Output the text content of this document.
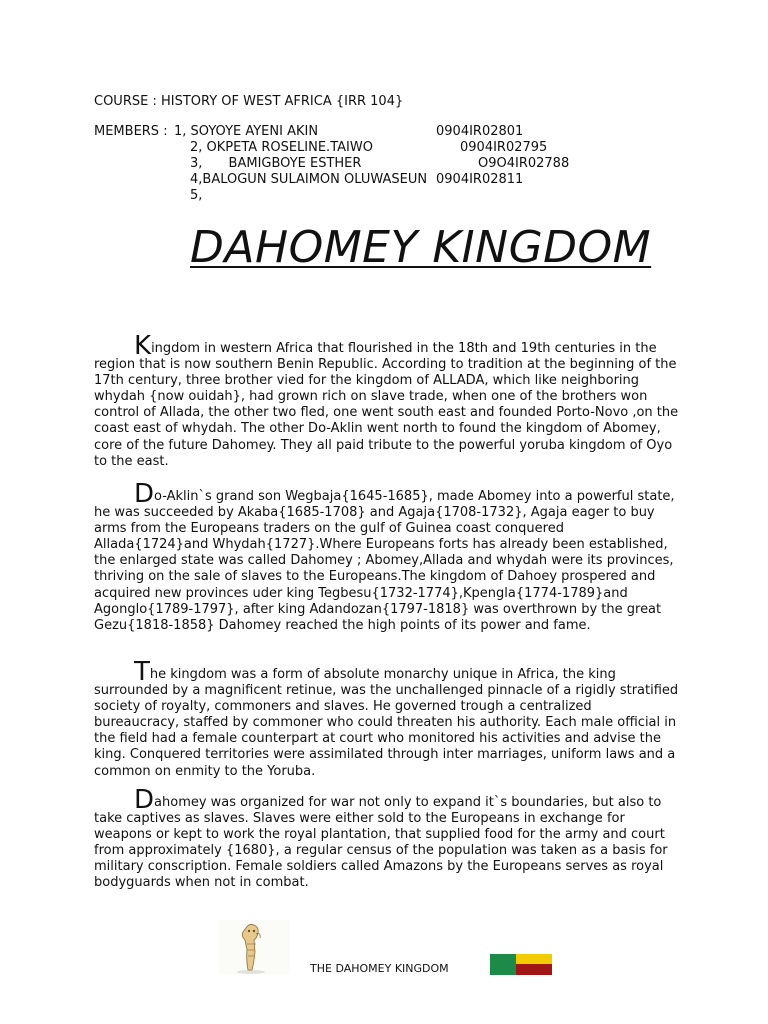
COURSE : HISTORY OF WEST AFRICA {IRR 104}
MEMBERS : 1, SOYOYE AYENI AKIN	0904IR02801
2, OKPETA ROSELINE.TAIWO	0904IR02795
3, BAMIGBOYE ESTHER	O9O4IR02788
4,BALOGUN SULAIMON OLUWASEUN 0904IR02811
5,
DAHOMEY KINGDOM

Kingdom in western Africa that flourished in the 18th and 19th centuries in the region that is now southern Benin Republic. According to tradition at the beginning of the 17th century, three brother vied for the kingdom of ALLADA, which like neighboring whydah {now ouidah}, had grown rich on slave trade, when one of the brothers won control of Allada, the other two fled, one went south east and founded Porto-Novo ,on the coast east of whydah. The other Do-Aklin went north to found the kingdom of Abomey, core of the future Dahomey. They all paid tribute to the powerful yoruba kingdom of Oyo to the east.

Do-Aklin`s grand son Wegbaja{1645-1685}, made Abomey into a powerful state, he was succeeded by Akaba{1685-1708} and Agaja{1708-1732}, Agaja eager to buy arms from the Europeans traders on the gulf of Guinea coast conquered Allada{1724}and Whydah{1727}.Where Europeans forts has already been established, the enlarged state was called Dahomey ; Abomey,Allada and whydah were its provinces, thriving on the sale of slaves to the Europeans.The kingdom of Dahoey prospered and acquired new provinces uder king Tegbesu{1732-1774},Kpengla{1774-1789}and Agonglo{1789-1797}, after king Adandozan{1797-1818} was overthrown by the great Gezu{1818-1858} Dahomey reached the high points of its power and fame.

The kingdom was a form of absolute monarchy unique in Africa, the king surrounded by a magnificent retinue, was the unchallenged pinnacle of a rigidly stratified society of royalty, commoners and slaves. He governed trough a centralized bureaucracy, staffed by commoner who could threaten his authority. Each male official in the field had a female counterpart at court who monitored his activities and advise the king. Conquered territories were assimilated through inter marriages, uniform laws and a common on enmity to the Yoruba.

Dahomey was organized for war not only to expand it`s boundaries, but also to take captives as slaves. Slaves were either sold to the Europeans in exchange for weapons or kept to work the royal plantation, that supplied food for the army and court from approximately {1680}, a regular census of the population was taken as a basis for military conscription. Female soldiers called Amazons by the Europeans serves as royal bodyguards when not in combat.

THE DAHOMEY KINGDOM
